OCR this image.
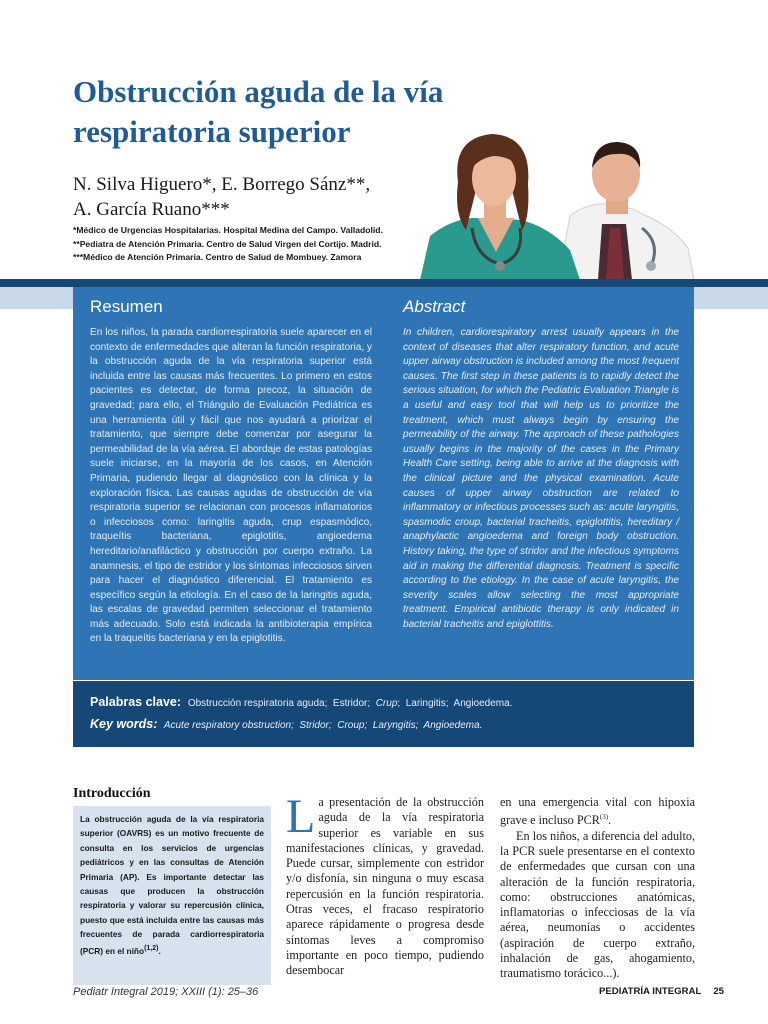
Obstrucción aguda de la vía respiratoria superior
N. Silva Higuero*, E. Borrego Sánz**,
A. García Ruano***
*Médico de Urgencias Hospitalarias. Hospital Medina del Campo. Valladolid.
**Pediatra de Atención Primaria. Centro de Salud Virgen del Cortijo. Madrid.
***Médico de Atención Primaria. Centro de Salud de Mombuey. Zamora
Resumen
En los niños, la parada cardiorrespiratoria suele aparecer en el contexto de enfermedades que alteran la función respiratoria, y la obstrucción aguda de la vía respiratoria superior está incluida entre las causas más frecuentes. Lo primero en estos pacientes es detectar, de forma precoz, la situación de gravedad; para ello, el Triángulo de Evaluación Pediátrica es una herramienta útil y fácil que nos ayudará a priorizar el tratamiento, que siempre debe comenzar por asegurar la permeabilidad de la vía aérea. El abordaje de estas patologías suele iniciarse, en la mayoría de los casos, en Atención Primaria, pudiendo llegar al diagnóstico con la clínica y la exploración física. Las causas agudas de obstrucción de vía respiratoria superior se relacionan con procesos inflamatorios o infecciosos como: laringitis aguda, crup espasmódico, traqueítis bacteriana, epiglotitis, angioedema hereditario/anafiláctico y obstrucción por cuerpo extraño. La anamnesis, el tipo de estridor y los síntomas infecciosos sirven para hacer el diagnóstico diferencial. El tratamiento es específico según la etiología. En el caso de la laringitis aguda, las escalas de gravedad permiten seleccionar el tratamiento más adecuado. Solo está indicada la antibioterapia empírica en la traqueítis bacteriana y en la epiglotitis.
Abstract
In children, cardiorespiratory arrest usually appears in the context of diseases that alter respiratory function, and acute upper airway obstruction is included among the most frequent causes. The first step in these patients is to rapidly detect the serious situation, for which the Pediatric Evaluation Triangle is a useful and easy tool that will help us to prioritize the treatment, which must always begin by ensuring the permeability of the airway. The approach of these pathologies usually begins in the majority of the cases in the Primary Health Care setting, being able to arrive at the diagnosis with the clinical picture and the physical examination. Acute causes of upper airway obstruction are related to inflammatory or infectious processes such as: acute laryngitis, spasmodic croup, bacterial tracheitis, epiglottitis, hereditary / anaphylactic angioedema and foreign body obstruction. History taking, the type of stridor and the infectious symptoms aid in making the differential diagnosis. Treatment is specific according to the etiology. In the case of acute laryngitis, the severity scales allow selecting the most appropriate treatment. Empirical antibiotic therapy is only indicated in bacterial tracheitis and epiglottitis.
Palabras clave: Obstrucción respiratoria aguda;  Estridor;  Crup;  Laringitis;  Angioedema.
Key words: Acute respiratory obstruction;  Stridor;  Croup;  Laryngitis;  Angioedema.
Introducción
La obstrucción aguda de la vía respiratoria superior (OAVRS) es un motivo frecuente de consulta en los servicios de urgencias pediátricos y en las consultas de Atención Primaria (AP). Es importante detectar las causas que producen la obstrucción respiratoria y valorar su repercusión clínica, puesto que está incluida entre las causas más frecuentes de parada cardiorrespiratoria (PCR) en el niño$^{(1,2)}$.
La presentación de la obstrucción aguda de la vía respiratoria superior es variable en sus manifestaciones clínicas, y gravedad. Puede cursar, simplemente con estridor y/o disfonía, sin ninguna o muy escasa repercusión en la función respiratoria. Otras veces, el fracaso respiratorio aparece rápidamente o progresa desde síntomas leves a compromiso importante en poco tiempo, pudiendo desembocar

en una emergencia vital con hipoxia grave e incluso PCR$^{(3)}$.

En los niños, a diferencia del adulto, la PCR suele presentarse en el contexto de enfermedades que cursan con una alteración de la función respiratoria, como: obstrucciones anatómicas, inflamatorias o infecciosas de la vía aérea, neumonías o accidentes (aspiración de cuerpo extraño, inhalación de gas, ahogamiento, traumatismo torácico...).

Pediatr Integral 2019; XXIII (1): 25–36	PEDIATRÍA INTEGRAL 25
